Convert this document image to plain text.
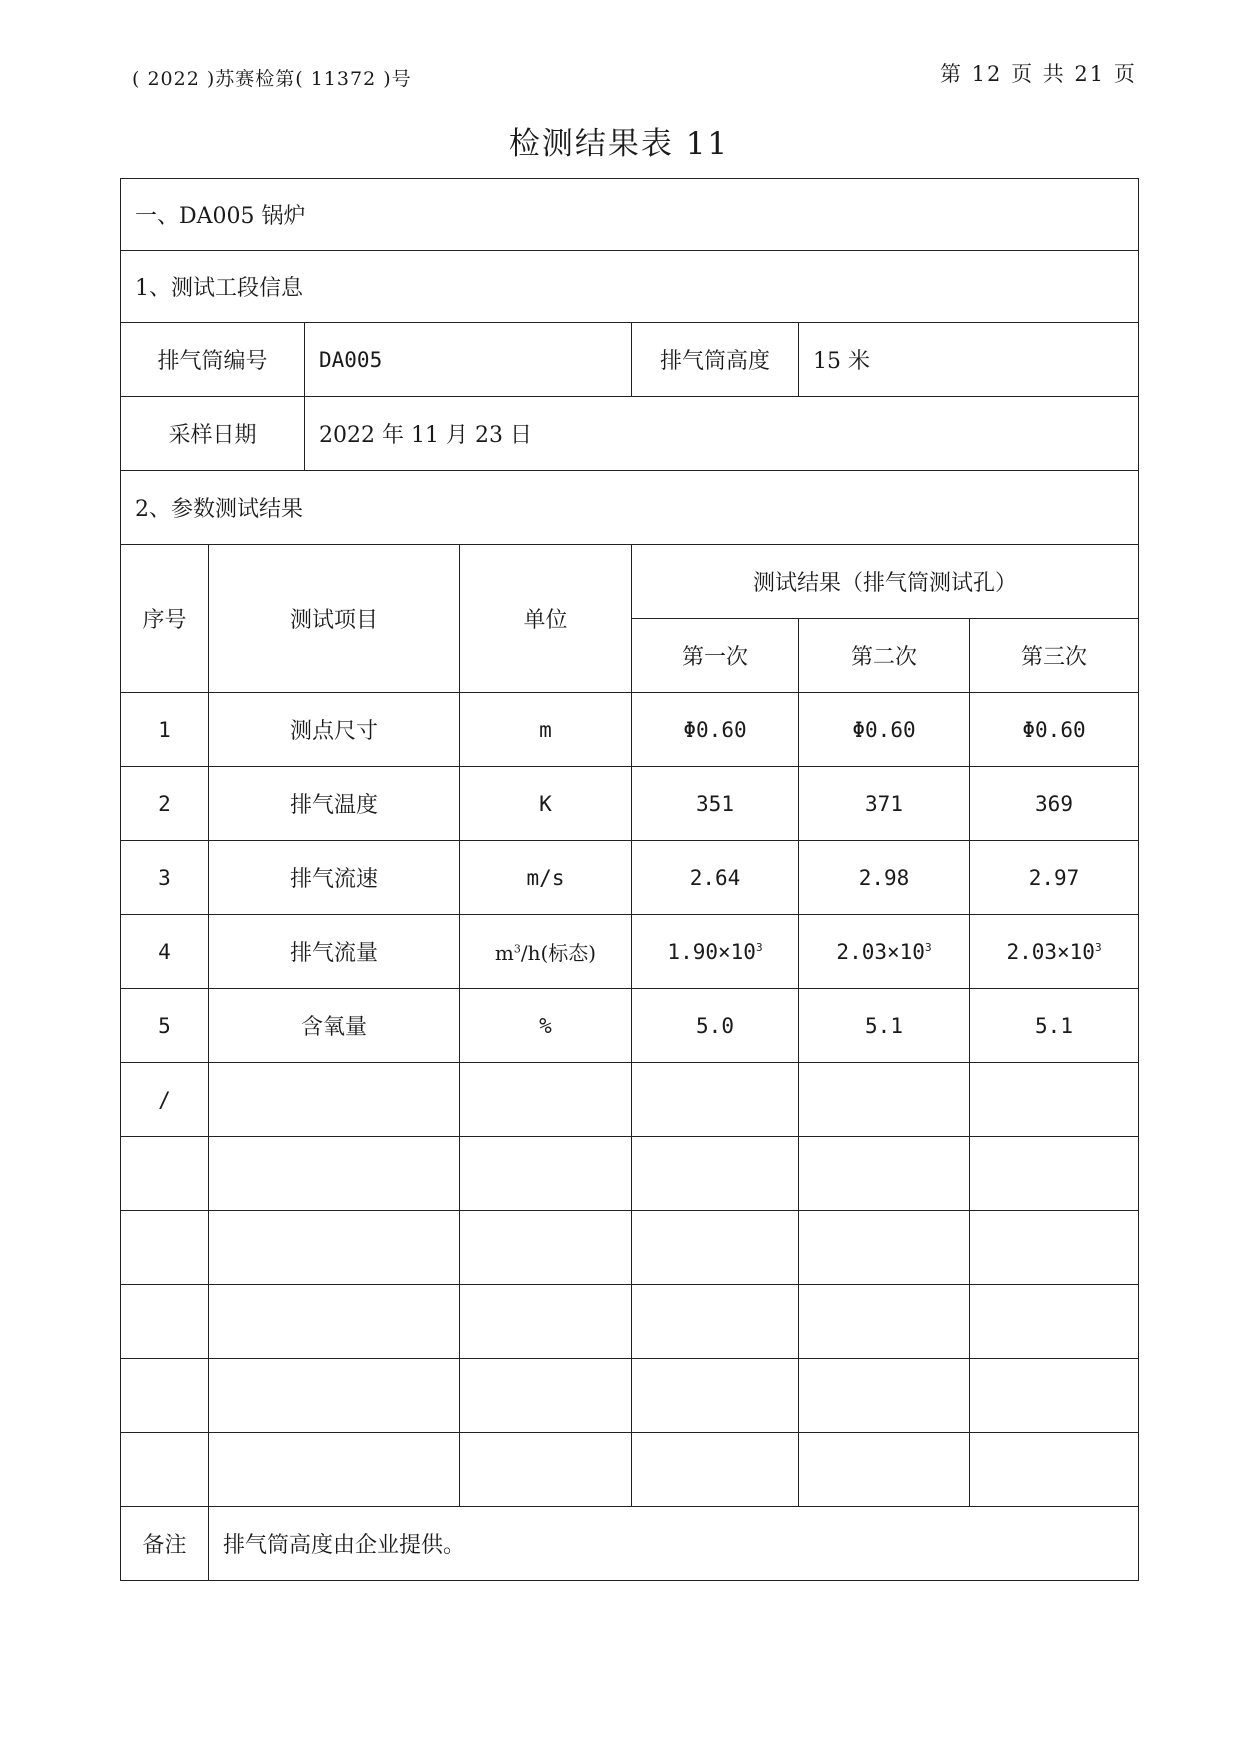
( 2022 )苏赛检第( 11372 )号	第 12 页 共 21 页
检测结果表 11
一、DA005 锅炉						
1、测试工段信息						
排气筒编号		DA005		排气筒高度	15 米	
采样日期		2022 年 11 月 23 日				
2、参数测试结果						
序号	测试项目		单位	测试结果（排气筒测试孔）		
				第一次	第二次	第三次
1	测点尺寸		m	Φ0.60	Φ0.60	Φ0.60
2	排气温度		K	351	371	369
3	排气流速		m/s	2.64	2.98	2.97
4	排气流量		$m^3/h$(标态)	$1.90\times 10^3$	$2.03\times 10^3$	$2.03\times 10^3$
5	含氧量		%	5.0	5.1	5.1
/						

备注	排气筒高度由企业提供。					
